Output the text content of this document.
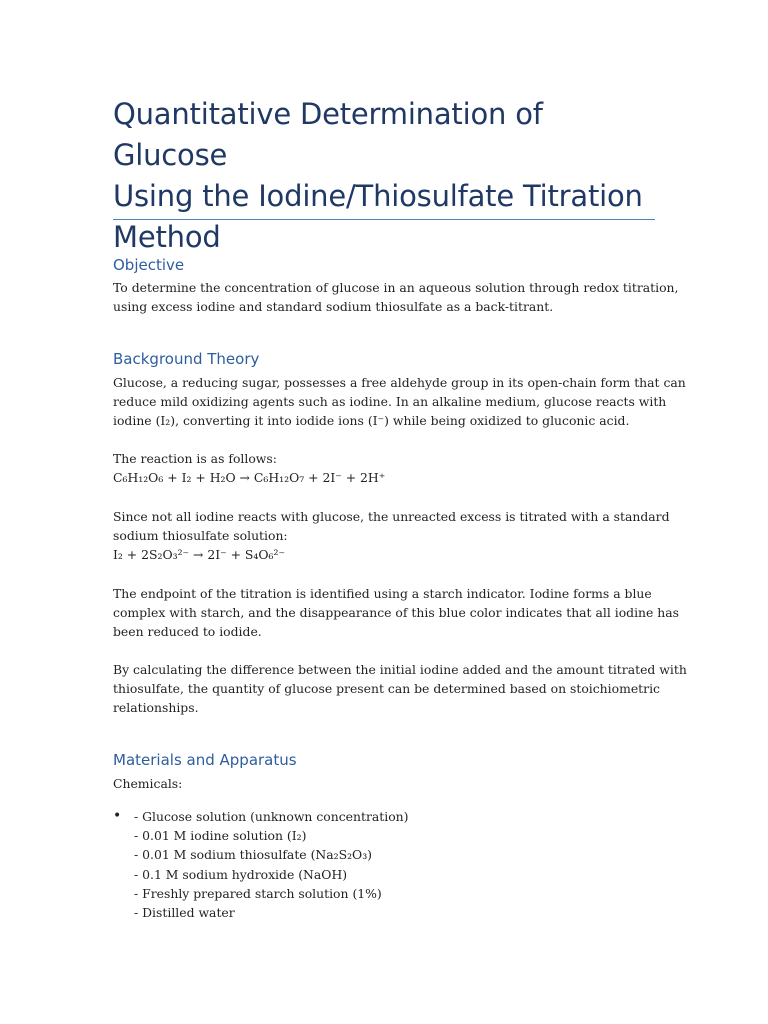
Quantitative Determination of Glucose
Using the Iodine/Thiosulfate Titration
Method
Objective
To determine the concentration of glucose in an aqueous solution through redox titration,
using excess iodine and standard sodium thiosulfate as a back-titrant.
Background Theory
Glucose, a reducing sugar, possesses a free aldehyde group in its open-chain form that can
reduce mild oxidizing agents such as iodine. In an alkaline medium, glucose reacts with
iodine (I₂), converting it into iodide ions (I⁻) while being oxidized to gluconic acid.
The reaction is as follows:
C₆H₁₂O₆ + I₂ + H₂O → C₆H₁₂O₇ + 2I⁻ + 2H⁺
Since not all iodine reacts with glucose, the unreacted excess is titrated with a standard
sodium thiosulfate solution:
I₂ + 2S₂O₃²⁻ → 2I⁻ + S₄O₆²⁻
The endpoint of the titration is identified using a starch indicator. Iodine forms a blue
complex with starch, and the disappearance of this blue color indicates that all iodine has
been reduced to iodide.
By calculating the difference between the initial iodine added and the amount titrated with
thiosulfate, the quantity of glucose present can be determined based on stoichiometric
relationships.
Materials and Apparatus
Chemicals:
• - Glucose solution (unknown concentration)
- 0.01 M iodine solution (I₂)
- 0.01 M sodium thiosulfate (Na₂S₂O₃)
- 0.1 M sodium hydroxide (NaOH)
- Freshly prepared starch solution (1%)
- Distilled water
